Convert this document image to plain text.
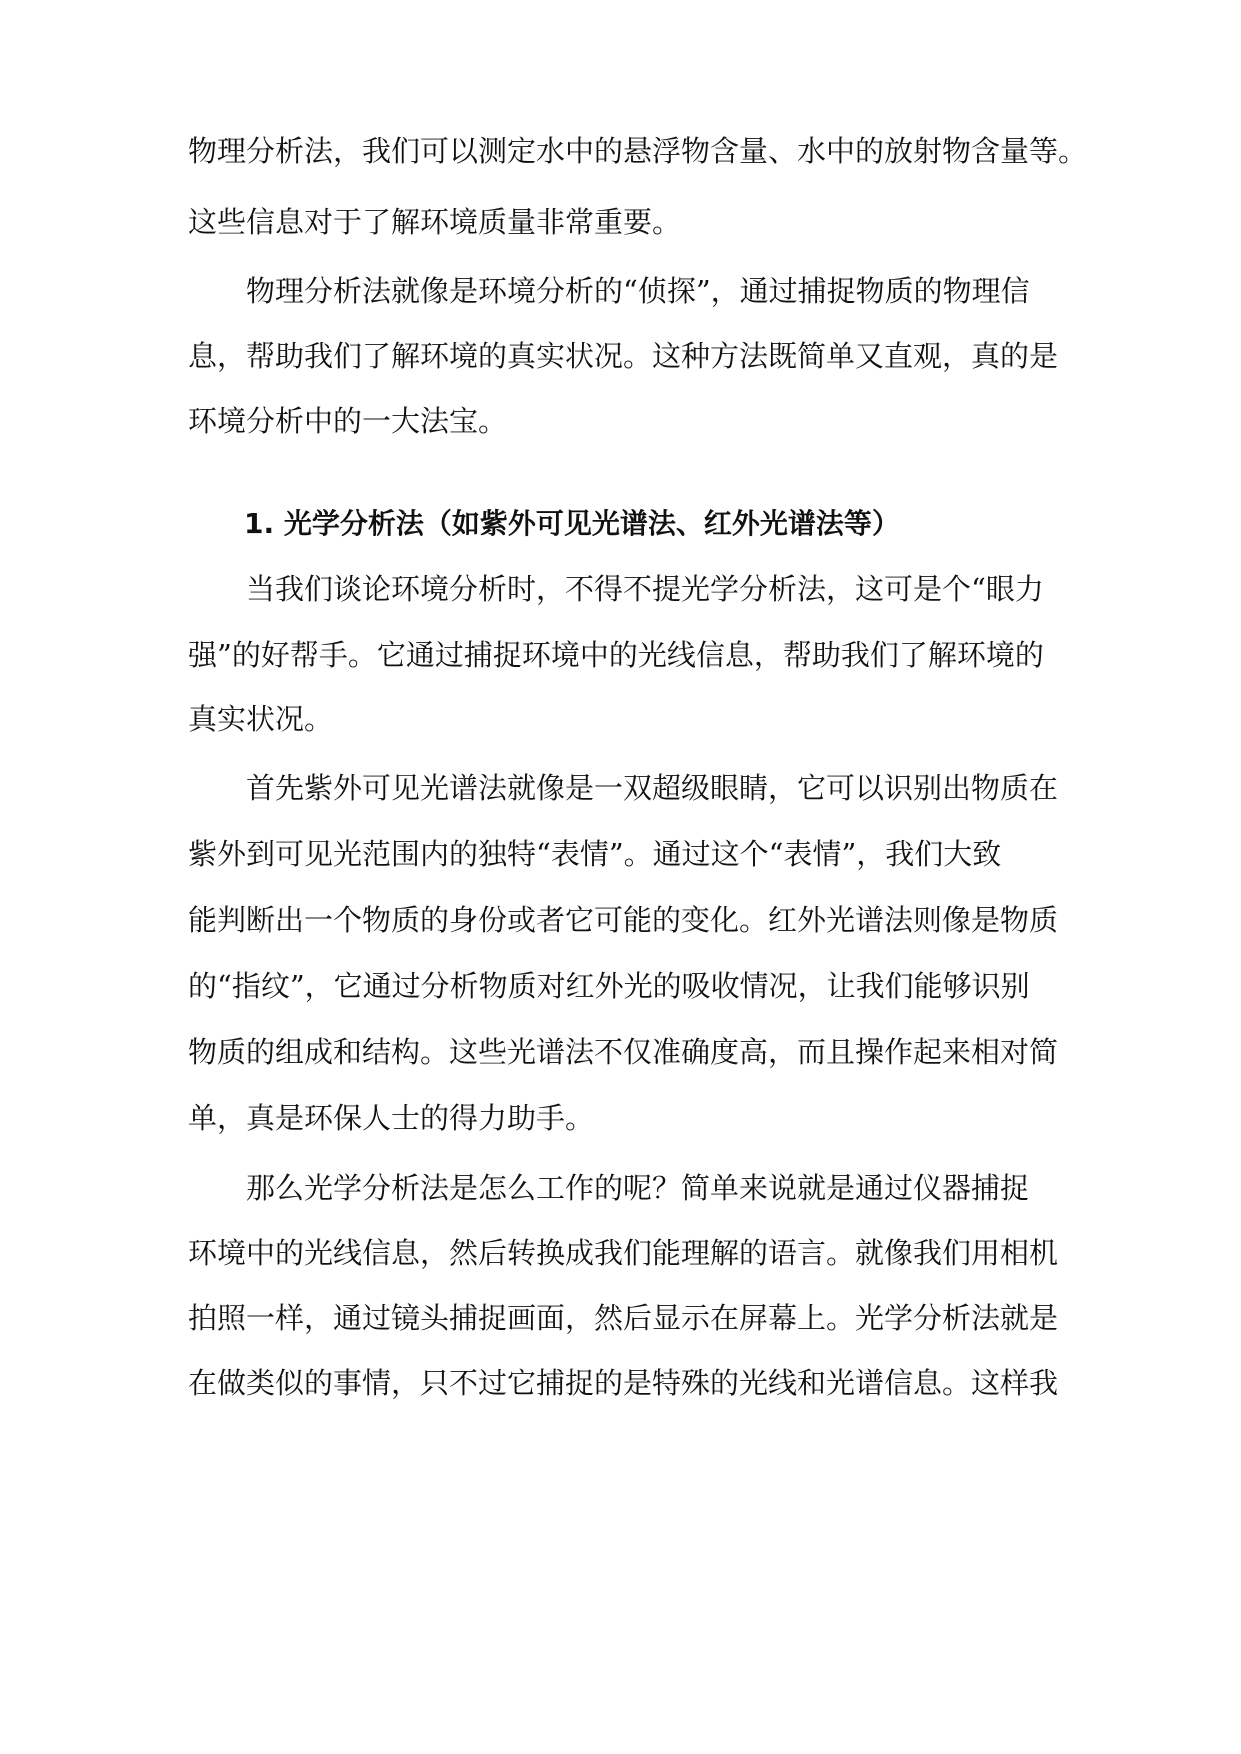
物理分析法，我们可以测定水中的悬浮物含量、水中的放射物含量等。
这些信息对于了解环境质量非常重要。
物理分析法就像是环境分析的“侦探”，通过捕捉物质的物理信
息，帮助我们了解环境的真实状况。这种方法既简单又直观，真的是
环境分析中的一大法宝。
1. 光学分析法（如紫外可见光谱法、红外光谱法等）
当我们谈论环境分析时，不得不提光学分析法，这可是个“眼力
强”的好帮手。它通过捕捉环境中的光线信息，帮助我们了解环境的
真实状况。
首先紫外可见光谱法就像是一双超级眼睛，它可以识别出物质在
紫外到可见光范围内的独特“表情”。通过这个“表情”，我们大致
能判断出一个物质的身份或者它可能的变化。红外光谱法则像是物质
的“指纹”，它通过分析物质对红外光的吸收情况，让我们能够识别
物质的组成和结构。这些光谱法不仅准确度高，而且操作起来相对简
单，真是环保人士的得力助手。
那么光学分析法是怎么工作的呢？简单来说就是通过仪器捕捉
环境中的光线信息，然后转换成我们能理解的语言。就像我们用相机
拍照一样，通过镜头捕捉画面，然后显示在屏幕上。光学分析法就是
在做类似的事情，只不过它捕捉的是特殊的光线和光谱信息。这样我
